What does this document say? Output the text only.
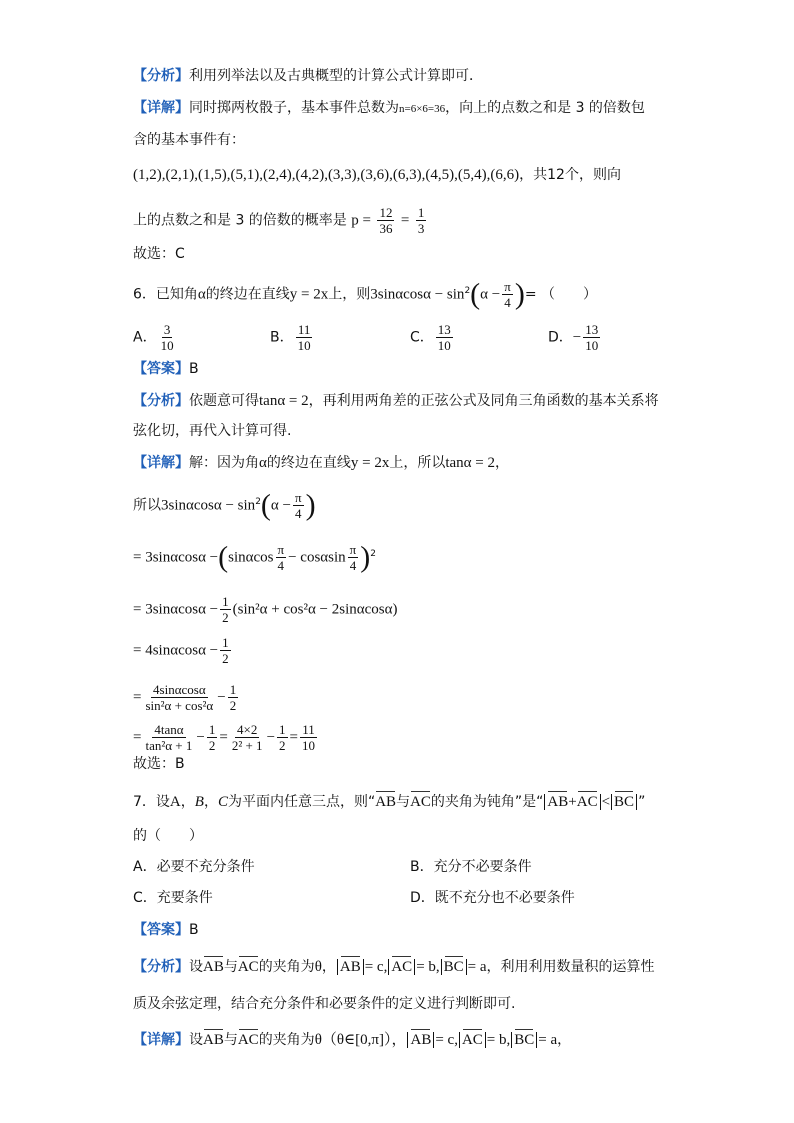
【分析】利用列举法以及古典概型的计算公式计算即可．
【详解】同时掷两枚骰子，基本事件总数为n=6×6=36，向上的点数之和是 3 的倍数包
含的基本事件有：
(1,2),(2,1),(1,5),(5,1),(2,4),(4,2),(3,3),(3,6),(6,3),(4,5),(5,4),(6,6)，共12个，则向
上的点数之和是 3 的倍数的概率是 $p = \frac{12}{36} = \frac{1}{3}$
故选：C
6．已知角α的终边在直线y = 2x上，则$3\sin\alpha\cos\alpha - \sin^2(\alpha - \frac{\pi}{4}$ )= （　　）
A． $\frac{3}{10}$	B． $\frac{11}{10}$	C． $\frac{13}{10}$	D．− $\frac{13}{10}$
【答案】B
【分析】依题意可得tanα = 2，再利用两角差的正弦公式及同角三角函数的基本关系将
弦化切，再代入计算可得.
【详解】解：因为角α的终边在直线y = 2x上，所以tanα = 2，
所以$3\sin\alpha\cos\alpha - \sin^2(\alpha - \frac{\pi}{4}$ )
= $3\sin\alpha\cos\alpha -(\sin\alpha\cos \frac{\pi}{4} - \cos\alpha\sin \frac{\pi}{4} )^2$
= $3\sin\alpha\cos\alpha - \frac{1}{2} (\sin^2\alpha + \cos^2\alpha - 2\sin\alpha\cos\alpha)$
= $4\sin\alpha\cos\alpha - \frac{1}{2}$
= $\frac{4\sin\alpha\cos\alpha}{\text{sin²α + cos²α}} - \frac{1}{2}$
= $\frac{4\tan\alpha}{\text{tan²α + 1}} - \frac{1}{2} = \frac{4\times 2}{\text{2² + 1}} - \frac{1}{2} = \frac{11}{10}$
故选：B
7．设A，B，C为平面内任意三点，则“AB与AC的夹角为钝角”是“ AB+AC < BC ”
的（　　）
A．必要不充分条件	B．充分不必要条件
C．充要条件	D．既不充分也不必要条件
【答案】B
【分析】设AB与AC的夹角为θ， AB = c, AC = b, BC = a，利用利用数量积的运算性
质及余弦定理，结合充分条件和必要条件的定义进行判断即可.
【详解】设AB与AC的夹角为θ（θ∈[0,π]）， AB = c, AC = b, BC = a，
